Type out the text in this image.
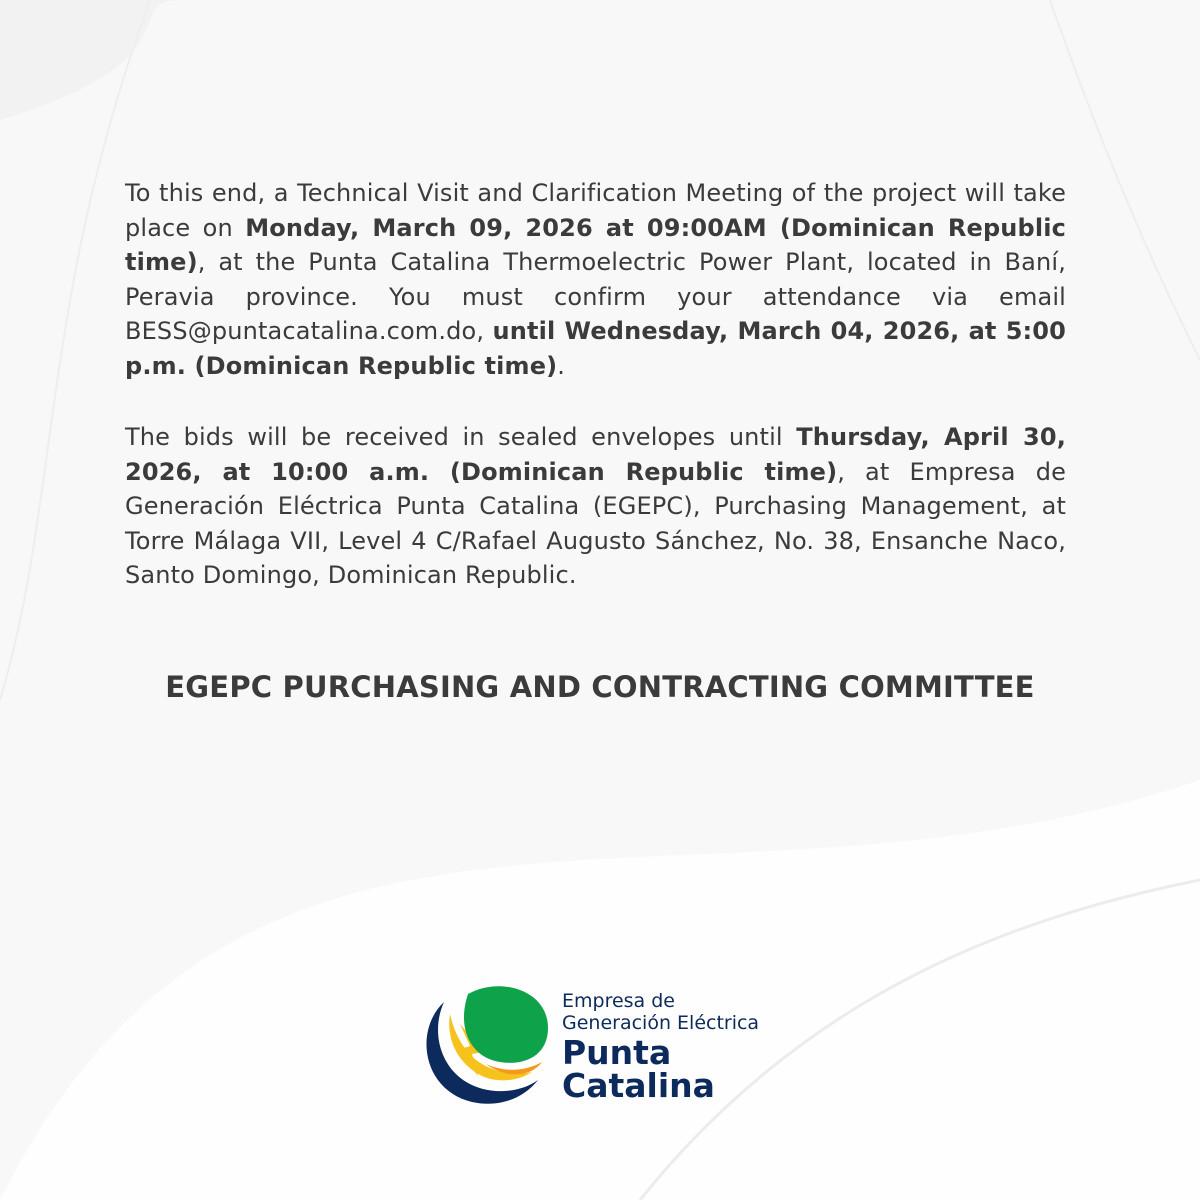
To this end, a Technical Visit and Clarification Meeting of the project will take place on Monday, March 09, 2026 at 09:00AM (Dominican Republic time), at the Punta Catalina Thermoelectric Power Plant, located in Baní, Peravia province. You must confirm your attendance via email BESS@puntacatalina.com.do, until Wednesday, March 04, 2026, at 5:00 p.m. (Dominican Republic time).

The bids will be received in sealed envelopes until Thursday, April 30, 2026, at 10:00 a.m. (Dominican Republic time), at Empresa de Generación Eléctrica Punta Catalina (EGEPC), Purchasing Management, at Torre Málaga VII, Level 4 C/Rafael Augusto Sánchez, No. 38, Ensanche Naco, Santo Domingo, Dominican Republic.

EGEPC PURCHASING AND CONTRACTING COMMITTEE
Empresa de
Generación Eléctrica
Punta
Catalina
